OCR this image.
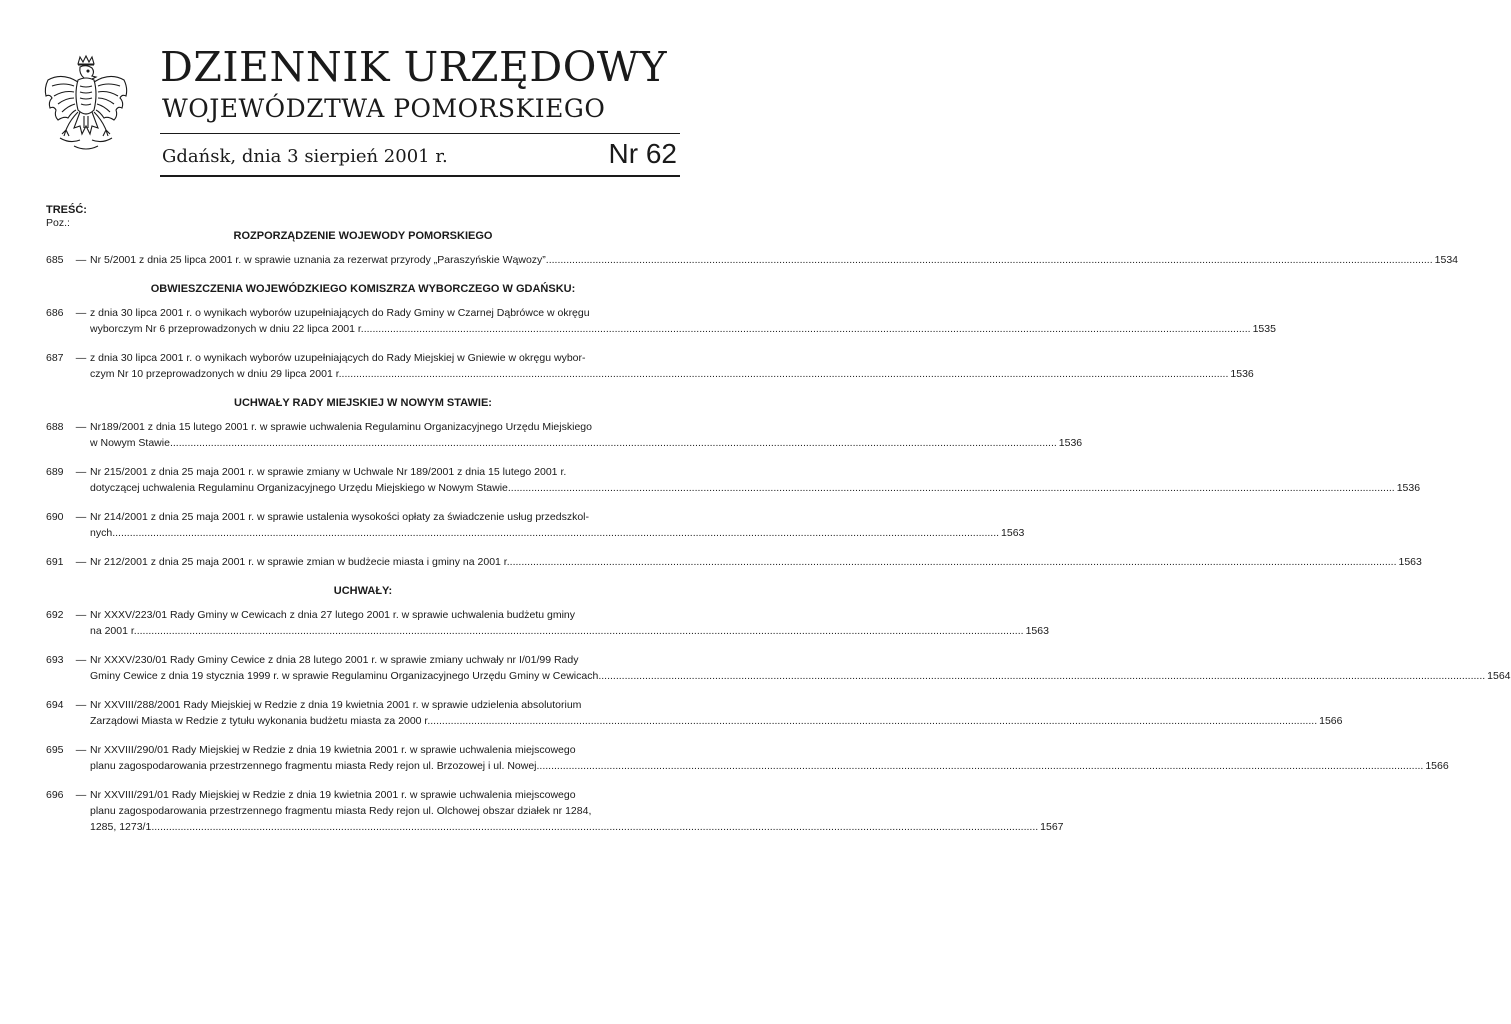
DZIENNIK URZĘDOWY
WOJEWÓDZTWA POMORSKIEGO
Gdańsk, dnia 3 sierpień 2001 r.	Nr 62
TREŚĆ:
Poz.:
ROZPORZĄDZENIE WOJEWODY POMORSKIEGO
685	— Nr 5/2001 z dnia 25 lipca 2001 r. w sprawie uznania za rezerwat przyrody „Paraszyńskie Wąwozy” .....	1534
OBWIESZCZENIA WOJEWÓDZKIEGO KOMISZRZA WYBORCZEGO W GDAŃSKU:
686	— z dnia 30 lipca 2001 r. o wynikach wyborów uzupełniających do Rady Gminy w Czarnej Dąbrówce w okręgu
wyborczym Nr 6 przeprowadzonych w dniu 22 lipca 2001 r. .....	1535
687	— z dnia 30 lipca 2001 r. o wynikach wyborów uzupełniających do Rady Miejskiej w Gniewie w okręgu wybor-
czym Nr 10 przeprowadzonych w dniu 29 lipca 2001 r. .....	1536
UCHWAŁY RADY MIEJSKIEJ W NOWYM STAWIE:
688	— Nr189/2001 z dnia 15 lutego 2001 r. w sprawie uchwalenia Regulaminu Organizacyjnego Urzędu Miejskiego
w Nowym Stawie .....	1536
689	— Nr 215/2001 z dnia 25 maja 2001 r. w sprawie zmiany w Uchwale Nr 189/2001 z dnia 15 lutego 2001 r.
dotyczącej uchwalenia Regulaminu Organizacyjnego Urzędu Miejskiego w Nowym Stawie .....	1536
690	— Nr 214/2001 z dnia 25 maja 2001 r. w sprawie ustalenia wysokości opłaty za świadczenie usług przedszkol-
nych .....	1563
691	— Nr 212/2001 z dnia 25 maja 2001 r. w sprawie zmian w budżecie miasta i gminy na 2001 r. .....	1563
UCHWAŁY:
692	— Nr XXXV/223/01 Rady Gminy w Cewicach z dnia 27 lutego 2001 r. w sprawie uchwalenia budżetu gminy
na 2001 r. .....	1563
693	— Nr XXXV/230/01 Rady Gminy Cewice z dnia 28 lutego 2001 r. w sprawie zmiany uchwały nr I/01/99 Rady
Gminy Cewice z dnia 19 stycznia 1999 r. w sprawie Regulaminu Organizacyjnego Urzędu Gminy w Cewicach .....	1564
694	— Nr XXVIII/288/2001 Rady Miejskiej w Redzie z dnia 19 kwietnia 2001 r. w sprawie udzielenia absolutorium
Zarządowi Miasta w Redzie z tytułu wykonania budżetu miasta za 2000 r. .....	1566
695	— Nr XXVIII/290/01 Rady Miejskiej w Redzie z dnia 19 kwietnia 2001 r. w sprawie uchwalenia miejscowego
planu zagospodarowania przestrzennego fragmentu miasta Redy rejon ul. Brzozowej i ul. Nowej .....	1566
696	— Nr XXVIII/291/01 Rady Miejskiej w Redzie z dnia 19 kwietnia 2001 r. w sprawie uchwalenia miejscowego
planu zagospodarowania przestrzennego fragmentu miasta Redy rejon ul. Olchowej obszar działek nr 1284,
1285, 1273/1 .....	1567
